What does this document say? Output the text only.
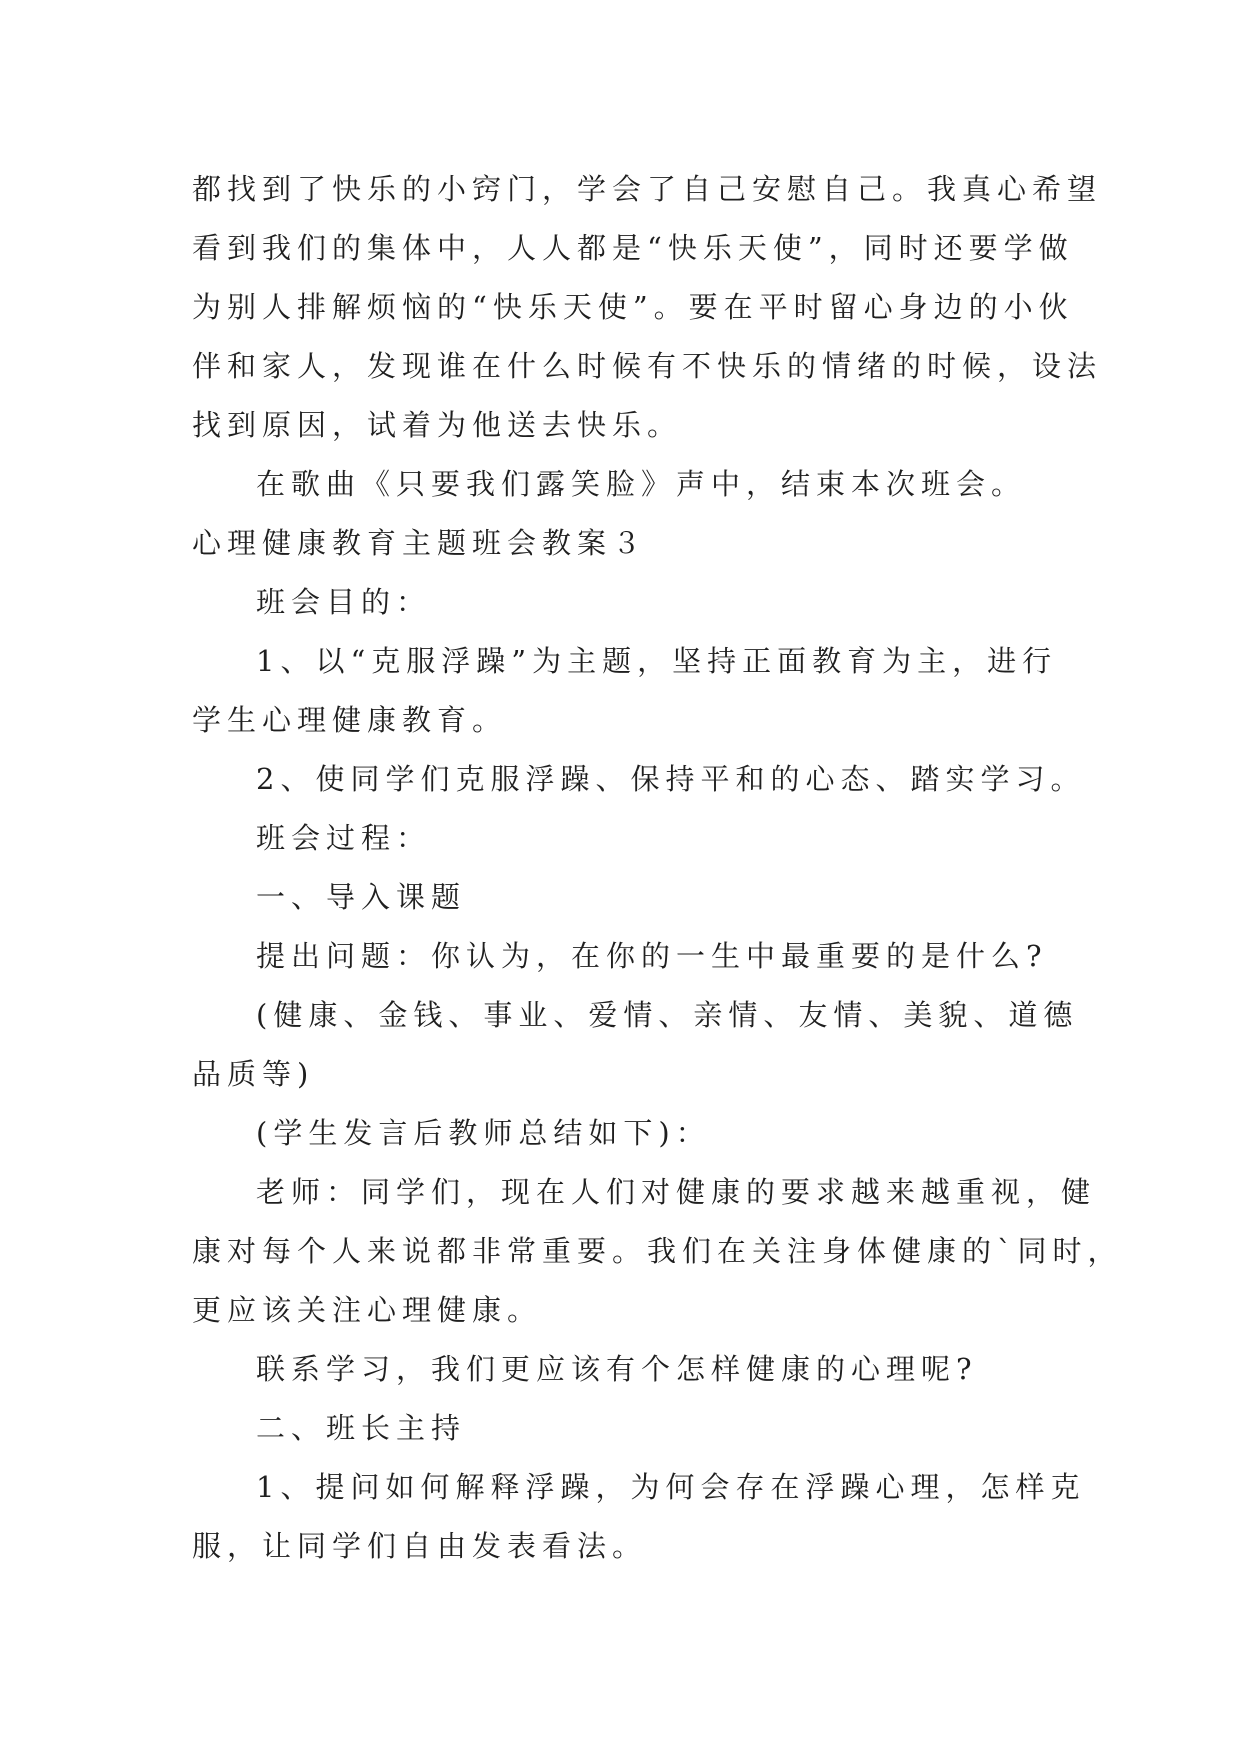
都找到了快乐的小窍门，学会了自己安慰自己。我真心希望
看到我们的集体中，人人都是“快乐天使”，同时还要学做
为别人排解烦恼的“快乐天使”。要在平时留心身边的小伙
伴和家人，发现谁在什么时候有不快乐的情绪的时候，设法
找到原因，试着为他送去快乐。
在歌曲《只要我们露笑脸》声中，结束本次班会。
心理健康教育主题班会教案３
班会目的：
1、以“克服浮躁”为主题，坚持正面教育为主，进行
学生心理健康教育。
2、使同学们克服浮躁、保持平和的心态、踏实学习。
班会过程：
一、导入课题
提出问题：你认为，在你的一生中最重要的是什么?
(健康、金钱、事业、爱情、亲情、友情、美貌、道德
品质等)
(学生发言后教师总结如下)：
老师：同学们，现在人们对健康的要求越来越重视，健
康对每个人来说都非常重要。我们在关注身体健康的`同时，
更应该关注心理健康。
联系学习，我们更应该有个怎样健康的心理呢?
二、班长主持
1、提问如何解释浮躁，为何会存在浮躁心理，怎样克
服，让同学们自由发表看法。
